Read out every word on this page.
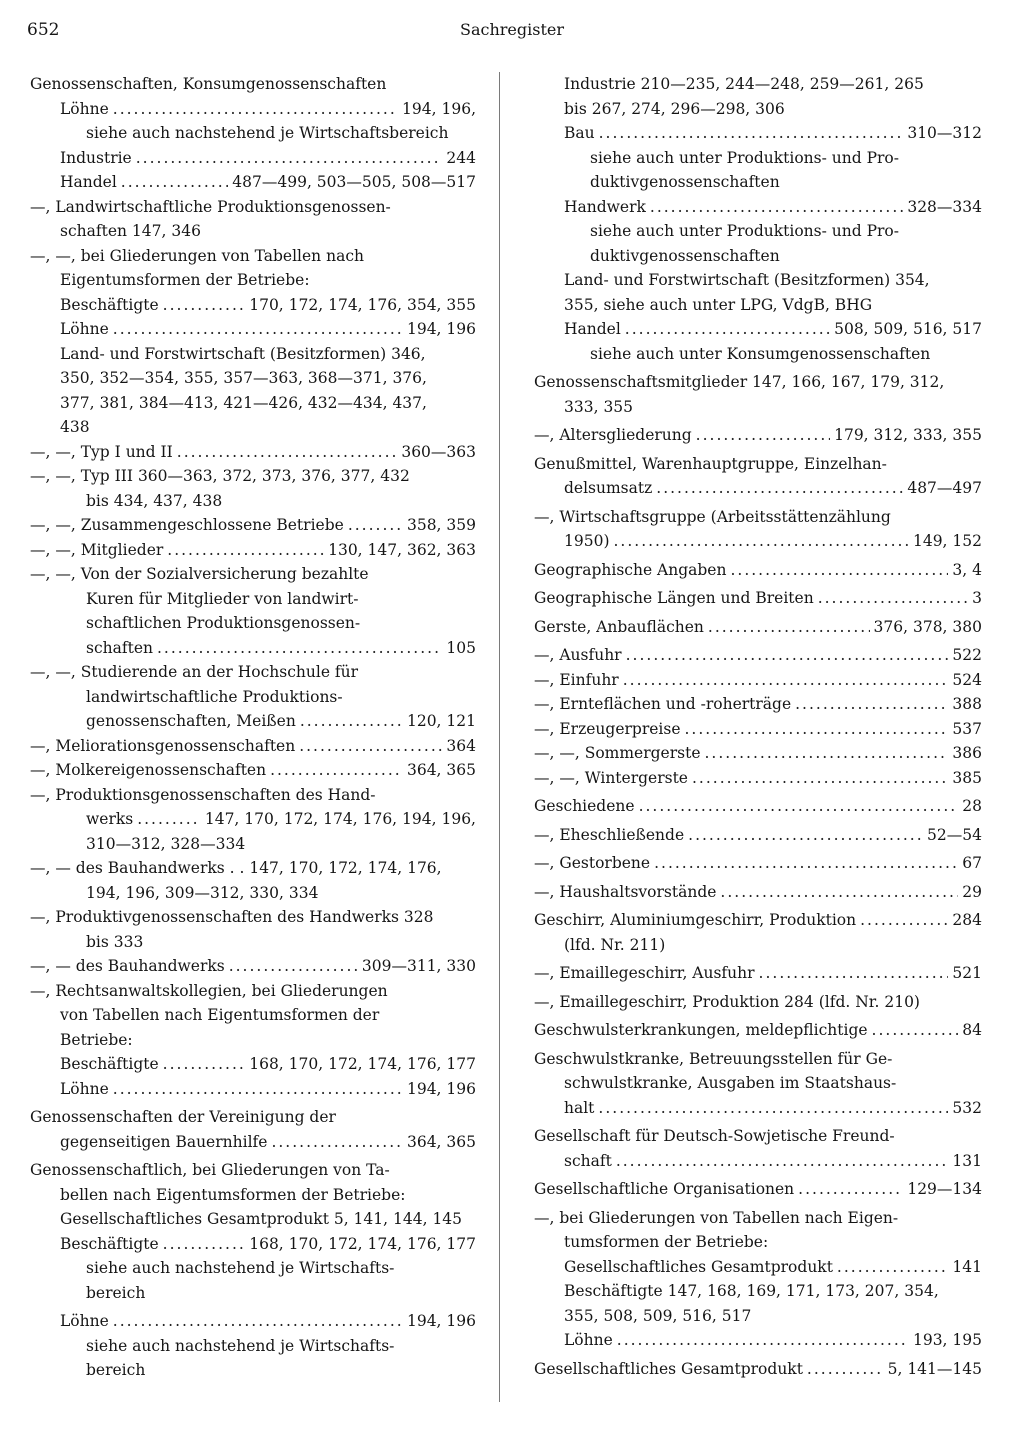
652	Sachregister
Genossenschaften, Konsumgenossenschaften
Löhne .....	194, 196,
siehe auch nachstehend je Wirtschaftsbereich
Industrie .....	244
Handel .....	487—499, 503—505, 508—517
—, Landwirtschaftliche Produktionsgenossen-
schaften 147, 346
—, —, bei Gliederungen von Tabellen nach
Eigentumsformen der Betriebe:
Beschäftigte .....	170, 172, 174, 176, 354, 355
Löhne .....	194, 196
Land- und Forstwirtschaft (Besitzformen) 346,
350, 352—354, 355, 357—363, 368—371, 376,
377, 381, 384—413, 421—426, 432—434, 437,
438
—, —, Typ I und II .....	360—363
—, —, Typ III 360—363, 372, 373, 376, 377, 432
bis 434, 437, 438
—, —, Zusammengeschlossene Betriebe .....	358, 359
—, —, Mitglieder .....	130, 147, 362, 363
—, —, Von der Sozialversicherung bezahlte
Kuren für Mitglieder von landwirt-
schaftlichen Produktionsgenossen-
schaften .....	105
—, —, Studierende an der Hochschule für
landwirtschaftliche Produktions-
genossenschaften, Meißen .....	120, 121
—, Meliorationsgenossenschaften .....	364
—, Molkereigenossenschaften .....	364, 365
—, Produktionsgenossenschaften des Hand-
werks .....	147, 170, 172, 174, 176, 194, 196,
310—312, 328—334
—, — des Bauhandwerks . . 147, 170, 172, 174, 176,
194, 196, 309—312, 330, 334
—, Produktivgenossenschaften des Handwerks 328
bis 333
—, — des Bauhandwerks .....	309—311, 330
—, Rechtsanwaltskollegien, bei Gliederungen
von Tabellen nach Eigentumsformen der
Betriebe:
Beschäftigte .....	168, 170, 172, 174, 176, 177
Löhne .....	194, 196
Genossenschaften der Vereinigung der
gegenseitigen Bauernhilfe .....	364, 365
Genossenschaftlich, bei Gliederungen von Ta-
bellen nach Eigentumsformen der Betriebe:
Gesellschaftliches Gesamtprodukt 5, 141, 144, 145
Beschäftigte .....	168, 170, 172, 174, 176, 177
siehe auch nachstehend je Wirtschafts-
bereich
Löhne .....	194, 196
siehe auch nachstehend je Wirtschafts-
bereich
Industrie 210—235, 244—248, 259—261, 265
bis 267, 274, 296—298, 306
Bau .....	310—312
siehe auch unter Produktions- und Pro-
duktivgenossenschaften
Handwerk .....	328—334
siehe auch unter Produktions- und Pro-
duktivgenossenschaften
Land- und Forstwirtschaft (Besitzformen) 354,
355, siehe auch unter LPG, VdgB, BHG
Handel .....	508, 509, 516, 517
siehe auch unter Konsumgenossenschaften
Genossenschaftsmitglieder 147, 166, 167, 179, 312,
333, 355
—, Altersgliederung .....	179, 312, 333, 355
Genußmittel, Warenhauptgruppe, Einzelhan-
delsumsatz .....	487—497
—, Wirtschaftsgruppe (Arbeitsstättenzählung
1950) .....	149, 152
Geographische Angaben .....	3, 4
Geographische Längen und Breiten .....	3
Gerste, Anbauflächen .....	376, 378, 380
—, Ausfuhr .....	522
—, Einfuhr .....	524
—, Ernteflächen und -roherträge .....	388
—, Erzeugerpreise .....	537
—, —, Sommergerste .....	386
—, —, Wintergerste .....	385
Geschiedene .....	28
—, Eheschließende .....	52—54
—, Gestorbene .....	67
—, Haushaltsvorstände .....	29
Geschirr, Aluminiumgeschirr, Produktion .....	284
(lfd. Nr. 211)
—, Emaillegeschirr, Ausfuhr .....	521
—, Emaillegeschirr, Produktion 284 (lfd. Nr. 210)
Geschwulsterkrankungen, meldepflichtige .....	84
Geschwulstkranke, Betreuungsstellen für Ge-
schwulstkranke, Ausgaben im Staatshaus-
halt .....	532
Gesellschaft für Deutsch-Sowjetische Freund-
schaft .....	131
Gesellschaftliche Organisationen .....	129—134
—, bei Gliederungen von Tabellen nach Eigen-
tumsformen der Betriebe:
Gesellschaftliches Gesamtprodukt .....	141
Beschäftigte 147, 168, 169, 171, 173, 207, 354,
355, 508, 509, 516, 517
Löhne .....	193, 195
Gesellschaftliches Gesamtprodukt .....	5, 141—145
